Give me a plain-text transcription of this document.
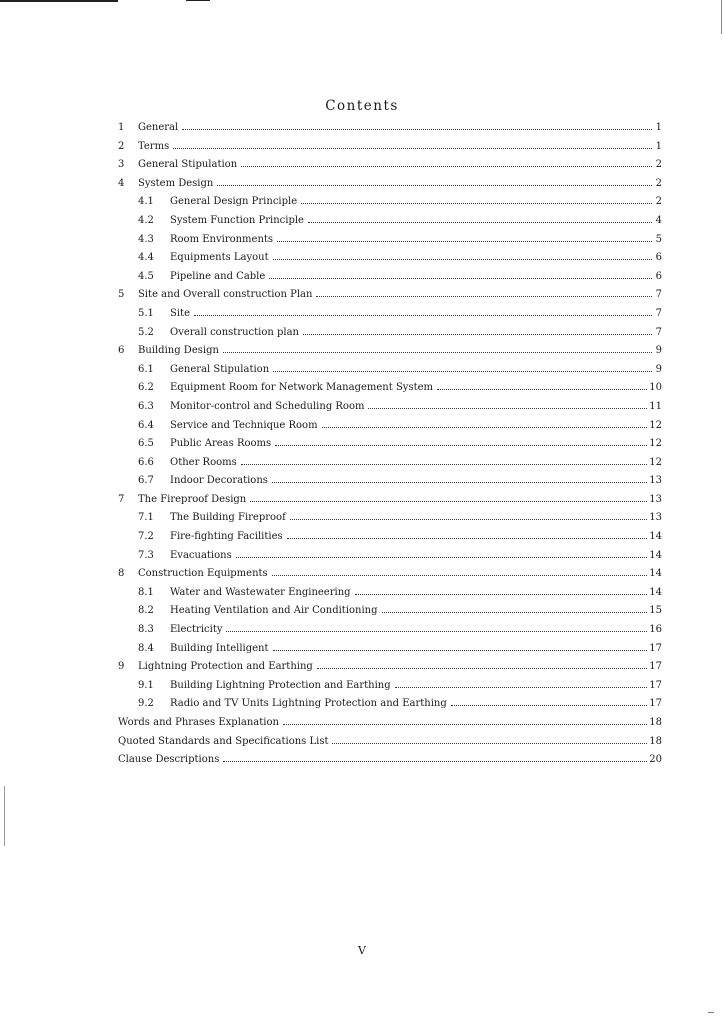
Contents
1	General	1
2	Terms	1
3	General Stipulation	2
4	System Design	2
4.1	General Design Principle	2
4.2	System Function Principle	4
4.3	Room Environments	5
4.4	Equipments Layout	6
4.5	Pipeline and Cable	6
5	Site and Overall construction Plan	7
5.1	Site	7
5.2	Overall construction plan	7
6	Building Design	9
6.1	General Stipulation	9
6.2	Equipment Room for Network Management System	10
6.3	Monitor-control and Scheduling Room	11
6.4	Service and Technique Room	12
6.5	Public Areas Rooms	12
6.6	Other Rooms	12
6.7	Indoor Decorations	13
7	The Fireproof Design	13
7.1	The Building Fireproof	13
7.2	Fire-fighting Facilities	14
7.3	Evacuations	14
8	Construction Equipments	14
8.1	Water and Wastewater Engineering	14
8.2	Heating Ventilation and Air Conditioning	15
8.3	Electricity	16
8.4	Building Intelligent	17
9	Lightning Protection and Earthing	17
9.1	Building Lightning Protection and Earthing	17
9.2	Radio and TV Units Lightning Protection and Earthing	17
Words and Phrases Explanation	18
Quoted Standards and Specifications List	18
Clause Descriptions	20
V
